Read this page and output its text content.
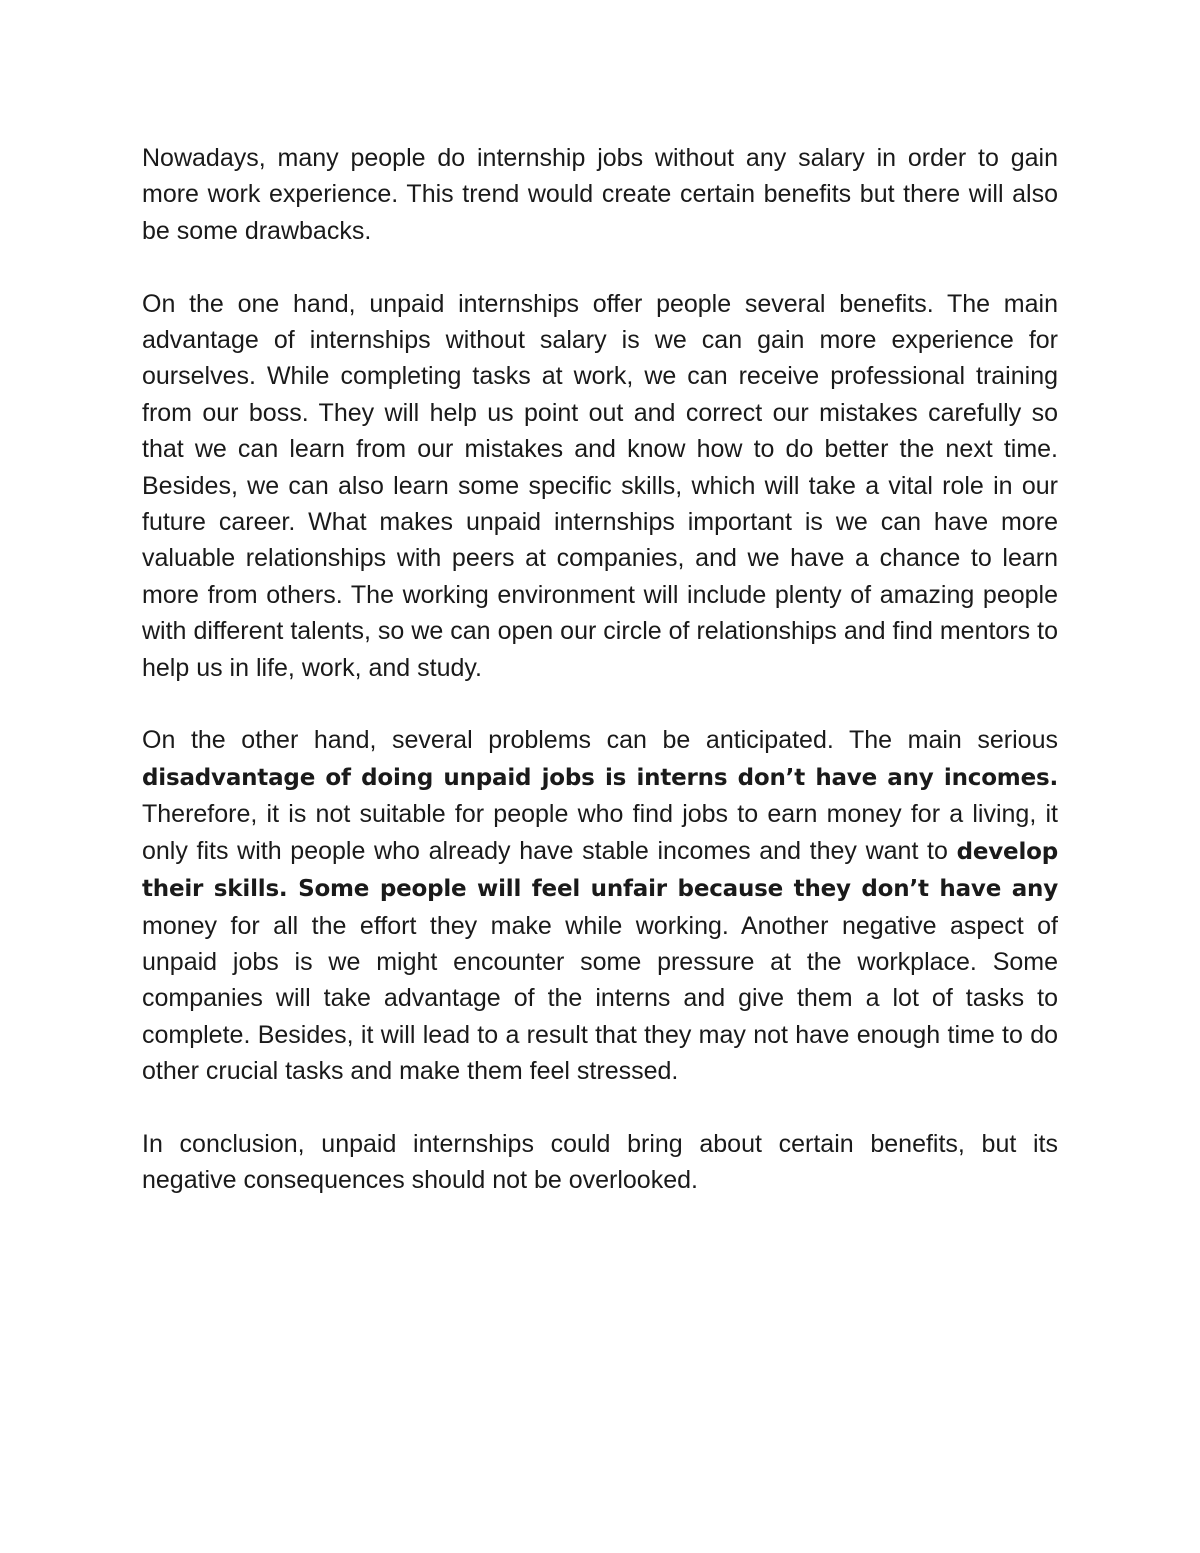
Nowadays, many people do internship jobs without any salary in order to gain more work experience. This trend would create certain benefits but there will also be some drawbacks.

On the one hand, unpaid internships offer people several benefits. The main advantage of internships without salary is we can gain more experience for ourselves. While completing tasks at work, we can receive professional training from our boss. They will help us point out and correct our mistakes carefully so that we can learn from our mistakes and know how to do better the next time. Besides, we can also learn some specific skills, which will take a vital role in our future career. What makes unpaid internships important is we can have more valuable relationships with peers at companies, and we have a chance to learn more from others. The working environment will include plenty of amazing people with different talents, so we can open our circle of relationships and find mentors to help us in life, work, and study.

On the other hand, several problems can be anticipated. The main serious disadvantage of doing unpaid jobs is interns don’t have any incomes. Therefore, it is not suitable for people who find jobs to earn money for a living, it only fits with people who already have stable incomes and they want to develop their skills. Some people will feel unfair because they don’t have any money for all the effort they make while working. Another negative aspect of unpaid jobs is we might encounter some pressure at the workplace. Some companies will take advantage of the interns and give them a lot of tasks to complete. Besides, it will lead to a result that they may not have enough time to do other crucial tasks and make them feel stressed.

In conclusion, unpaid internships could bring about certain benefits, but its negative consequences should not be overlooked.
